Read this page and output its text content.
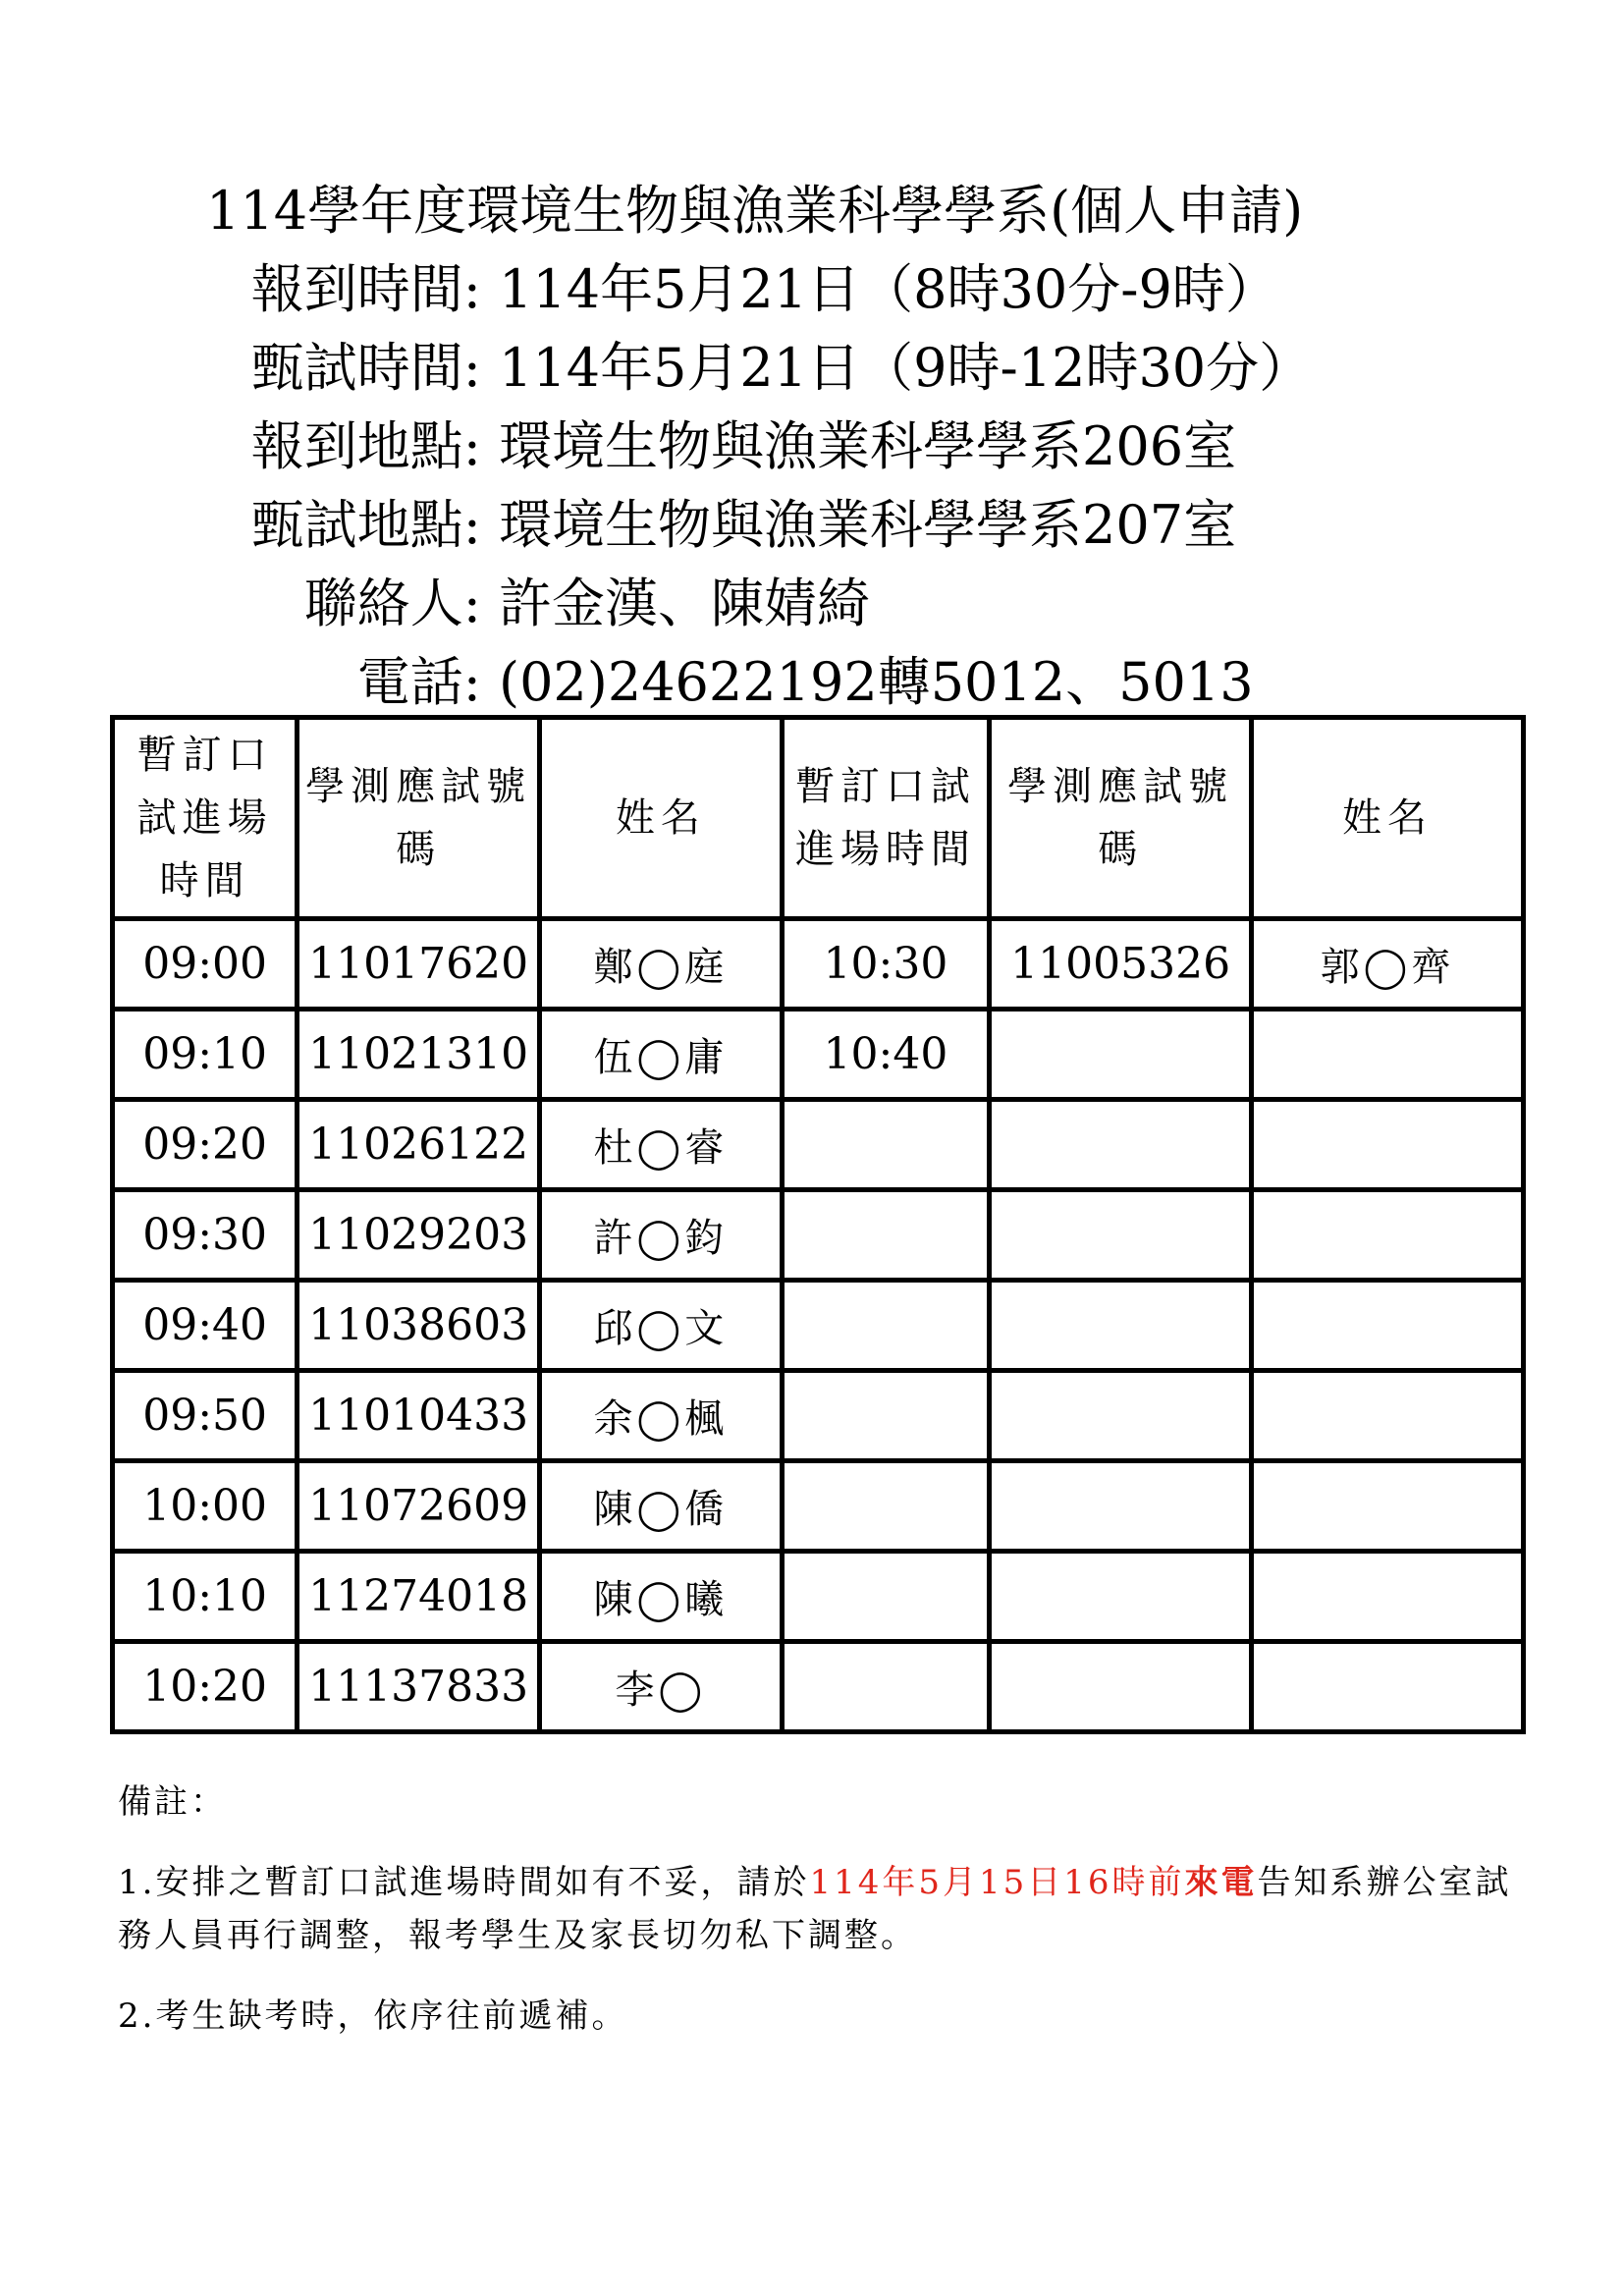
114學年度環境生物與漁業科學學系(個人申請)
報到時間: 114年5月21日（8時30分-9時）
甄試時間: 114年5月21日（9時-12時30分）
報到地點: 環境生物與漁業科學學系206室
甄試地點: 環境生物與漁業科學學系207室
聯絡人: 許金漢、陳婧綺
電話: (02)24622192轉5012、5013
暫訂口試進場時間	學測應試號碼	姓名	暫訂口試進場時間	學測應試號碼	姓名
09:00	11017620	鄭◯庭	10:30	11005326	郭◯齊
09:10	11021310	伍◯庸	10:40		
09:20	11026122	杜◯睿			
09:30	11029203	許◯鈞			
09:40	11038603	邱◯文			
09:50	11010433	余◯楓			
10:00	11072609	陳◯僑			
10:10	11274018	陳◯曦			
10:20	11137833	李◯			

備註：

1.安排之暫訂口試進場時間如有不妥，請於114年5月15日16時前來電告知系辦公室試務人員再行調整，報考學生及家長切勿私下調整。

2.考生缺考時，依序往前遞補。
